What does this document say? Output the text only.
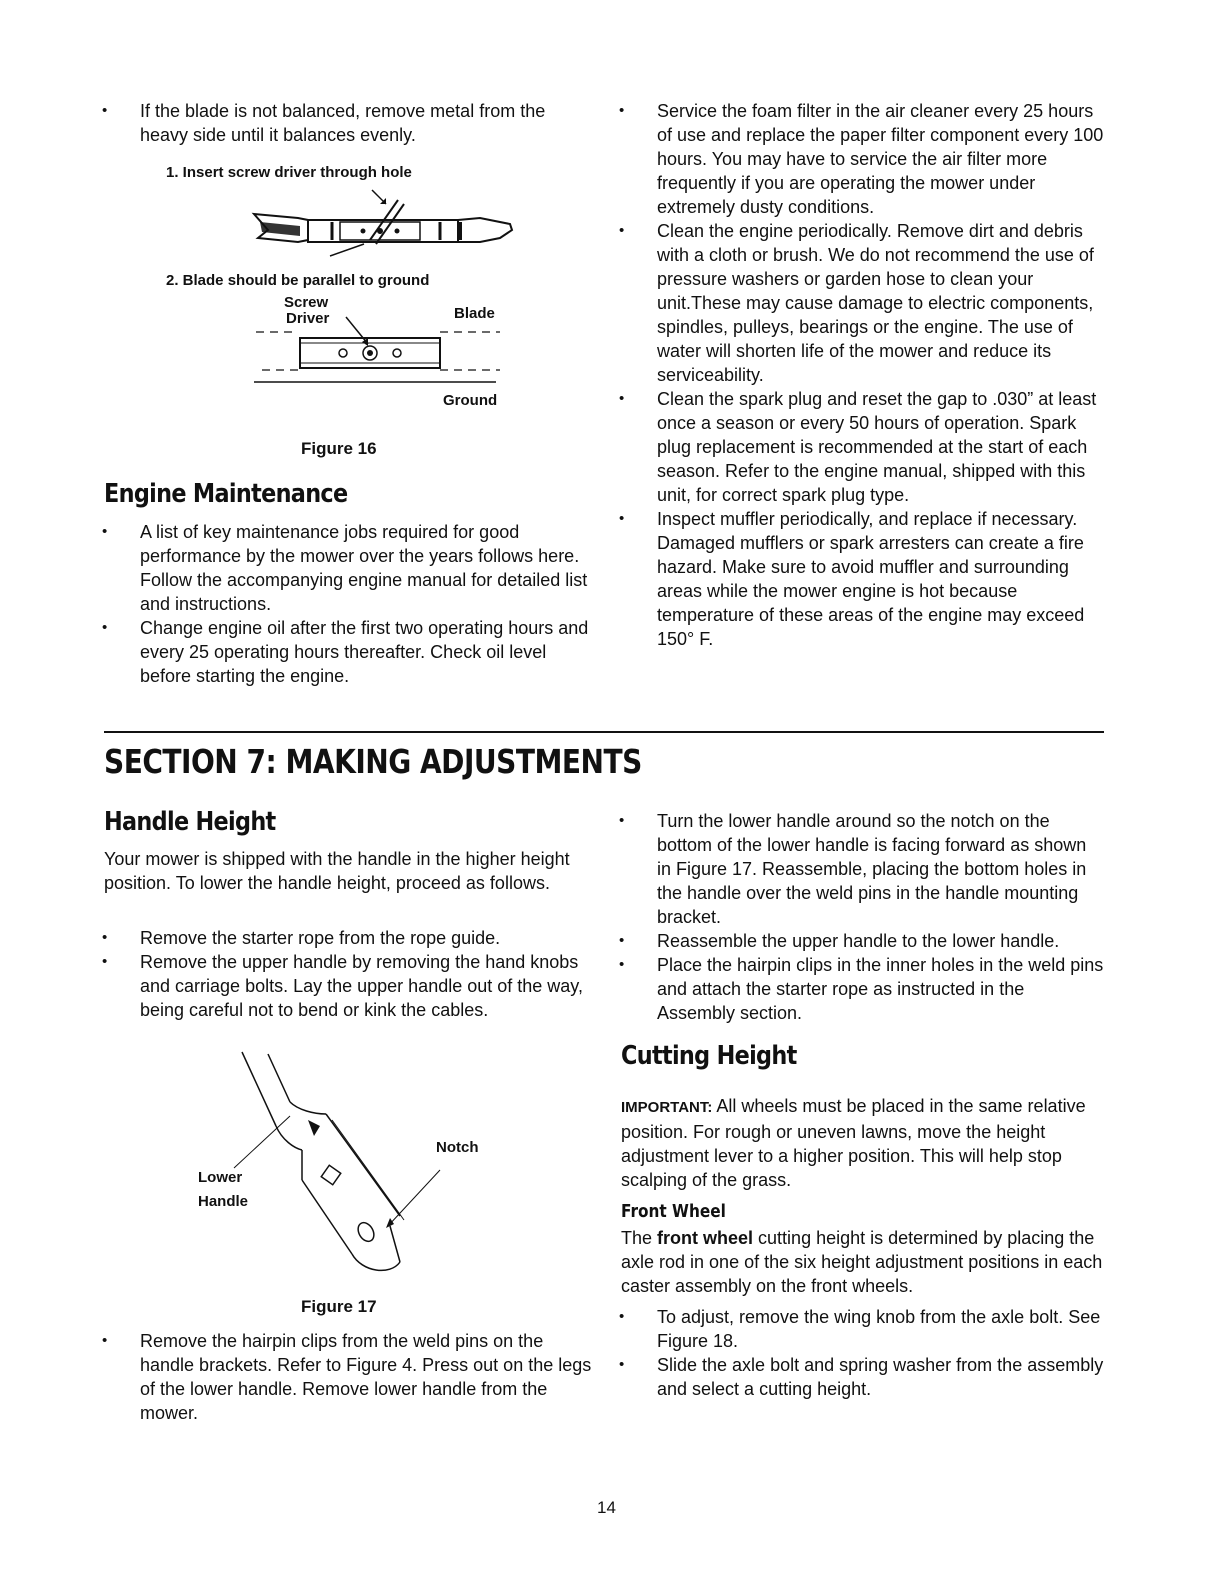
• If the blade is not balanced, remove metal from the heavy side until it balances evenly.

1. Insert screw driver through hole
2. Blade should be parallel to ground
Screw
Driver	Blade
Ground
Figure 16

Engine Maintenance

• A list of key maintenance jobs required for good performance by the mower over the years follows here. Follow the accompanying engine manual for detailed list and instructions.

• Change engine oil after the first two operating hours and every 25 operating hours thereafter. Check oil level before starting the engine.

• Service the foam filter in the air cleaner every 25 hours of use and replace the paper filter component every 100 hours. You may have to service the air filter more frequently if you are operating the mower under extremely dusty conditions.

• Clean the engine periodically. Remove dirt and debris with a cloth or brush. We do not recommend the use of pressure washers or garden hose to clean your unit.These may cause damage to electric components, spindles, pulleys, bearings or the engine. The use of water will shorten life of the mower and reduce its serviceability.

• Clean the spark plug and reset the gap to .030” at least once a season or every 50 hours of operation. Spark plug replacement is recommended at the start of each season. Refer to the engine manual, shipped with this unit, for correct spark plug type.

• Inspect muffler periodically, and replace if necessary. Damaged mufflers or spark arresters can create a fire hazard. Make sure to avoid muffler and surrounding areas while the mower engine is hot because temperature of these areas of the engine may exceed 150° F.

SECTION 7: MAKING ADJUSTMENTS

Handle Height

Your mower is shipped with the handle in the higher height position. To lower the handle height, proceed as follows.

• Remove the starter rope from the rope guide.

• Remove the upper handle by removing the hand knobs and carriage bolts. Lay the upper handle out of the way, being careful not to bend or kink the cables.

Notch
Lower
Handle
Figure 17

• Remove the hairpin clips from the weld pins on the handle brackets. Refer to Figure 4. Press out on the legs of the lower handle. Remove lower handle from the mower.

• Turn the lower handle around so the notch on the bottom of the lower handle is facing forward as shown in Figure 17. Reassemble, placing the bottom holes in the handle over the weld pins in the handle mounting bracket.

• Reassemble the upper handle to the lower handle.

• Place the hairpin clips in the inner holes in the weld pins and attach the starter rope as instructed in the Assembly section.

Cutting Height

IMPORTANT: All wheels must be placed in the same relative position. For rough or uneven lawns, move the height adjustment lever to a higher position. This will help stop scalping of the grass.

Front Wheel

The front wheel cutting height is determined by placing the axle rod in one of the six height adjustment positions in each caster assembly on the front wheels.

• To adjust, remove the wing knob from the axle bolt. See Figure 18.

• Slide the axle bolt and spring washer from the assembly and select a cutting height.

14
